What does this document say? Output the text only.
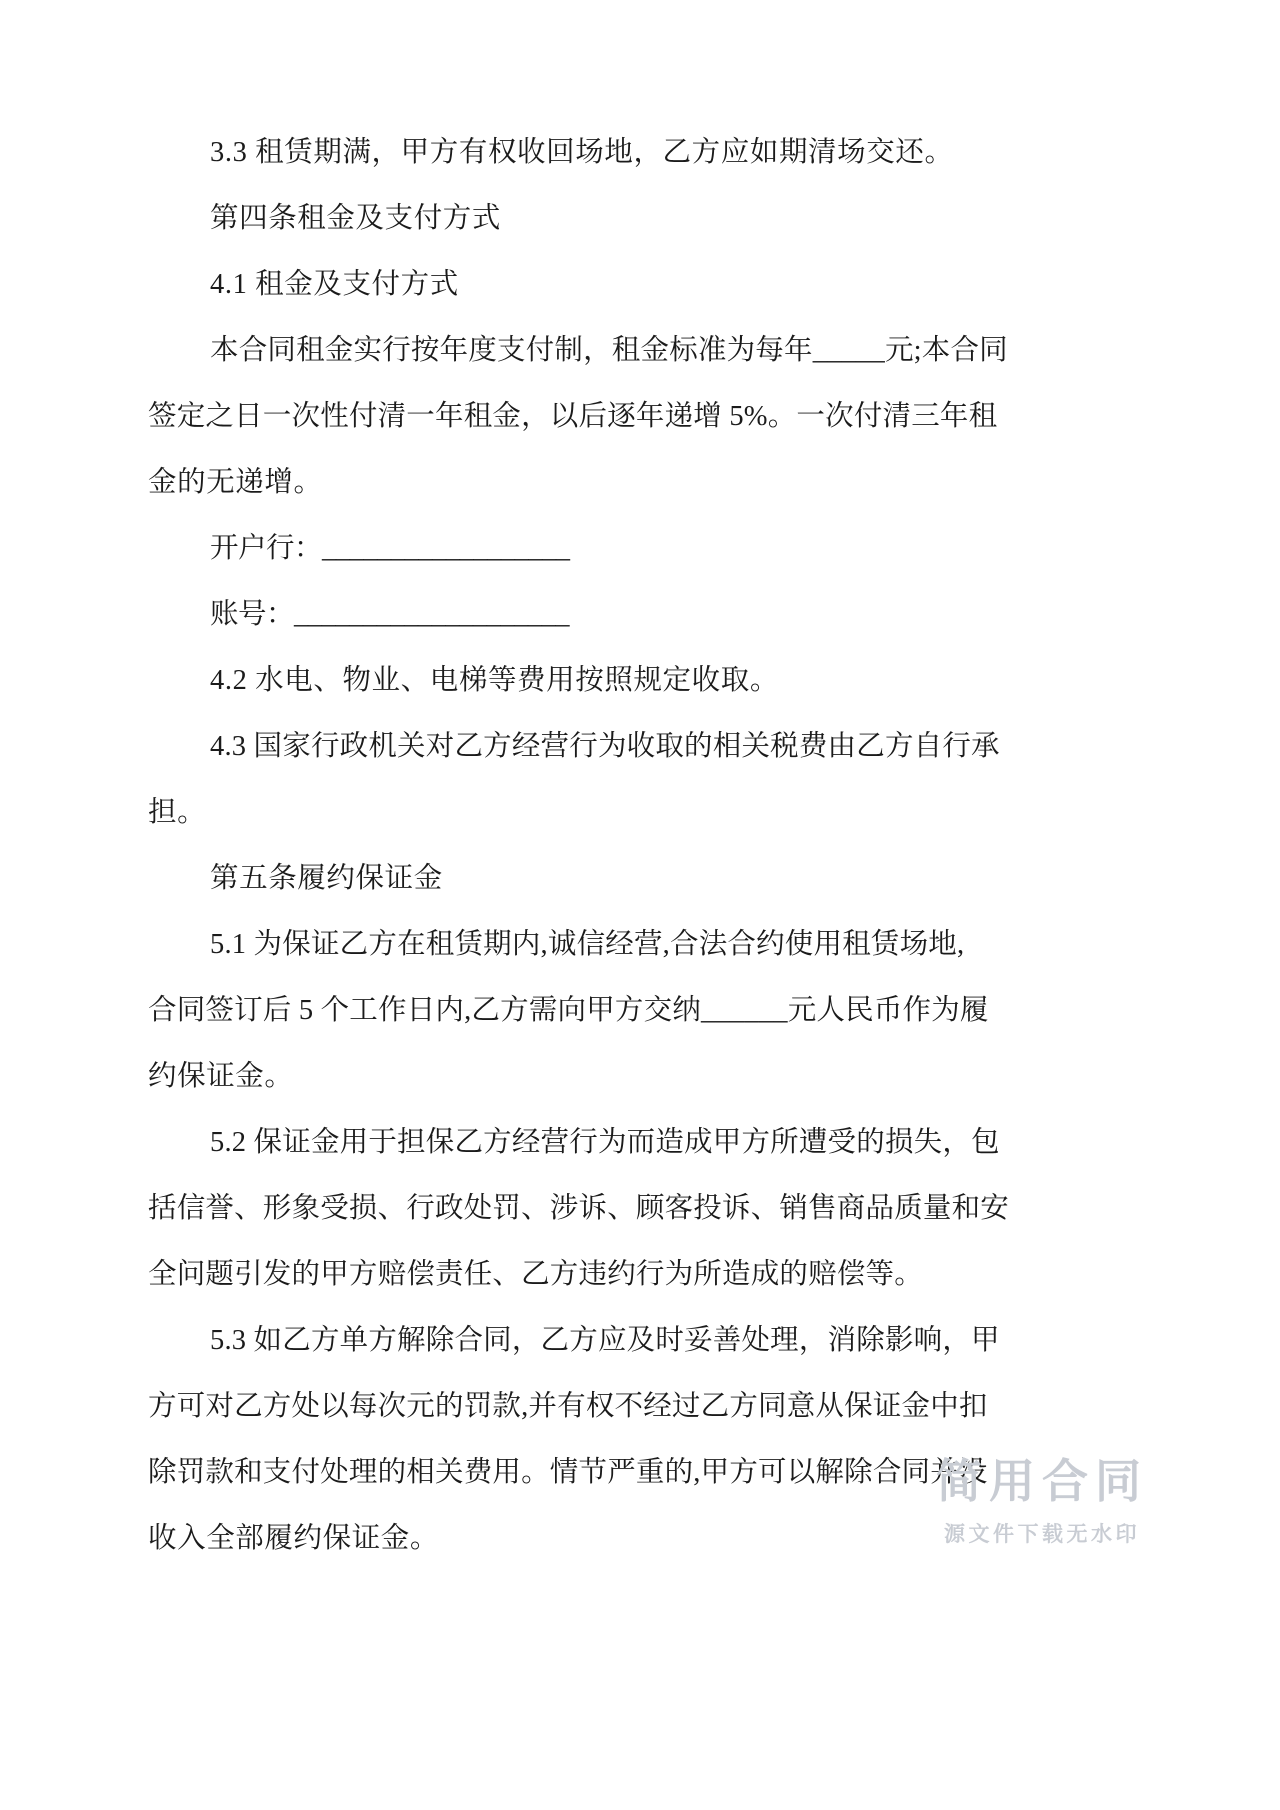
3.3 租赁期满，甲方有权收回场地，乙方应如期清场交还。
第四条租金及支付方式
4.1 租金及支付方式
本合同租金实行按年度支付制，租金标准为每年_____元;本合同
签定之日一次性付清一年租金，以后逐年递增 5%。一次付清三年租
金的无递增。
开户行：__________________
账号：____________________
4.2 水电、物业、电梯等费用按照规定收取。
4.3 国家行政机关对乙方经营行为收取的相关税费由乙方自行承
担。
第五条履约保证金
5.1 为保证乙方在租赁期内,诚信经营,合法合约使用租赁场地,
合同签订后 5 个工作日内,乙方需向甲方交纳______元人民币作为履
约保证金。
5.2 保证金用于担保乙方经营行为而造成甲方所遭受的损失，包
括信誉、形象受损、行政处罚、涉诉、顾客投诉、销售商品质量和安
全问题引发的甲方赔偿责任、乙方违约行为所造成的赔偿等。
5.3 如乙方单方解除合同，乙方应及时妥善处理，消除影响，甲
方可对乙方处以每次元的罚款,并有权不经过乙方同意从保证金中扣
除罚款和支付处理的相关费用。情节严重的,甲方可以解除合同并没
收入全部履约保证金。
简用合同
源文件下载无水印
